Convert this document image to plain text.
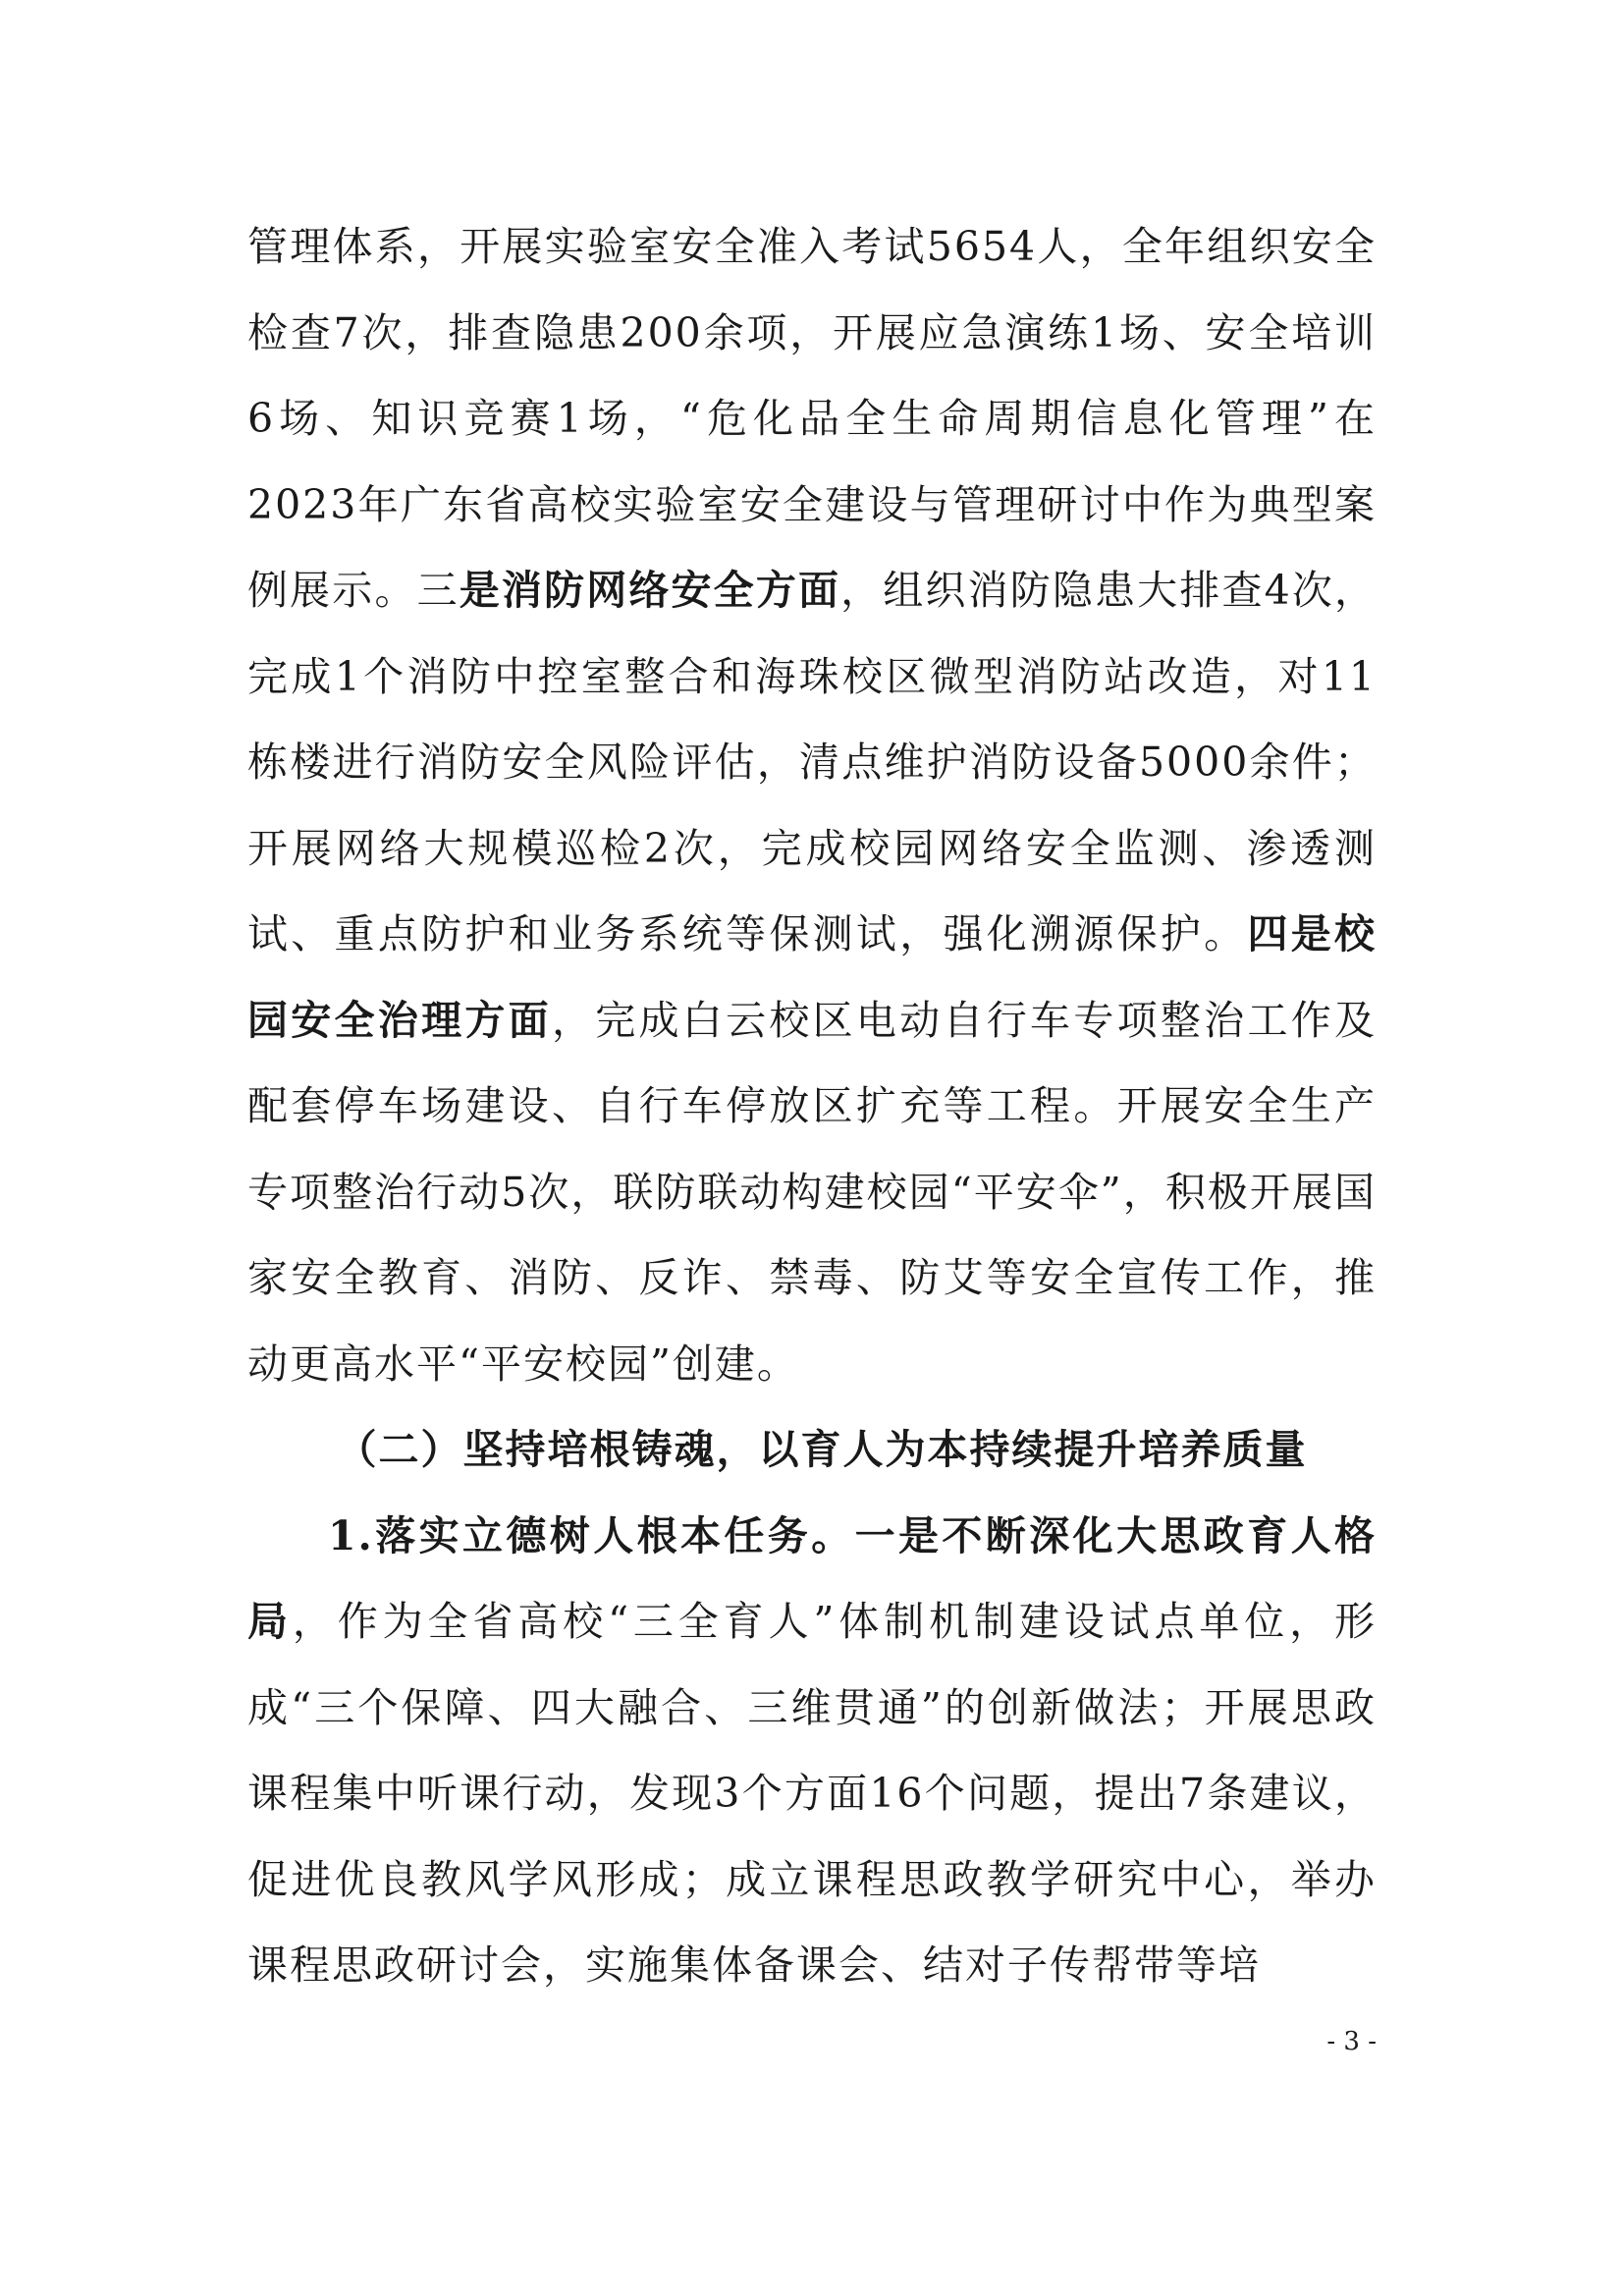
管理体系，开展实验室安全准入考试5654人，全年组织安全检查7次，排查隐患200余项，开展应急演练1场、安全培训6场、知识竞赛1场，“危化品全生命周期信息化管理”在2023年广东省高校实验室安全建设与管理研讨中作为典型案例展示。三是消防网络安全方面，组织消防隐患大排查4次，完成1个消防中控室整合和海珠校区微型消防站改造，对11栋楼进行消防安全风险评估，清点维护消防设备5000余件；开展网络大规模巡检2次，完成校园网络安全监测、渗透测试、重点防护和业务系统等保测试，强化溯源保护。四是校园安全治理方面，完成白云校区电动自行车专项整治工作及配套停车场建设、自行车停放区扩充等工程。开展安全生产专项整治行动5次，联防联动构建校园“平安伞”，积极开展国家安全教育、消防、反诈、禁毒、防艾等安全宣传工作，推动更高水平“平安校园”创建。

（二）坚持培根铸魂，以育人为本持续提升培养质量

1.落实立德树人根本任务。一是不断深化大思政育人格局，作为全省高校“三全育人”体制机制建设试点单位，形成“三个保障、四大融合、三维贯通”的创新做法；开展思政课程集中听课行动，发现3个方面16个问题，提出7条建议，促进优良教风学风形成；成立课程思政教学研究中心，举办课程思政研讨会，实施集体备课会、结对子传帮带等培

- 3 -
